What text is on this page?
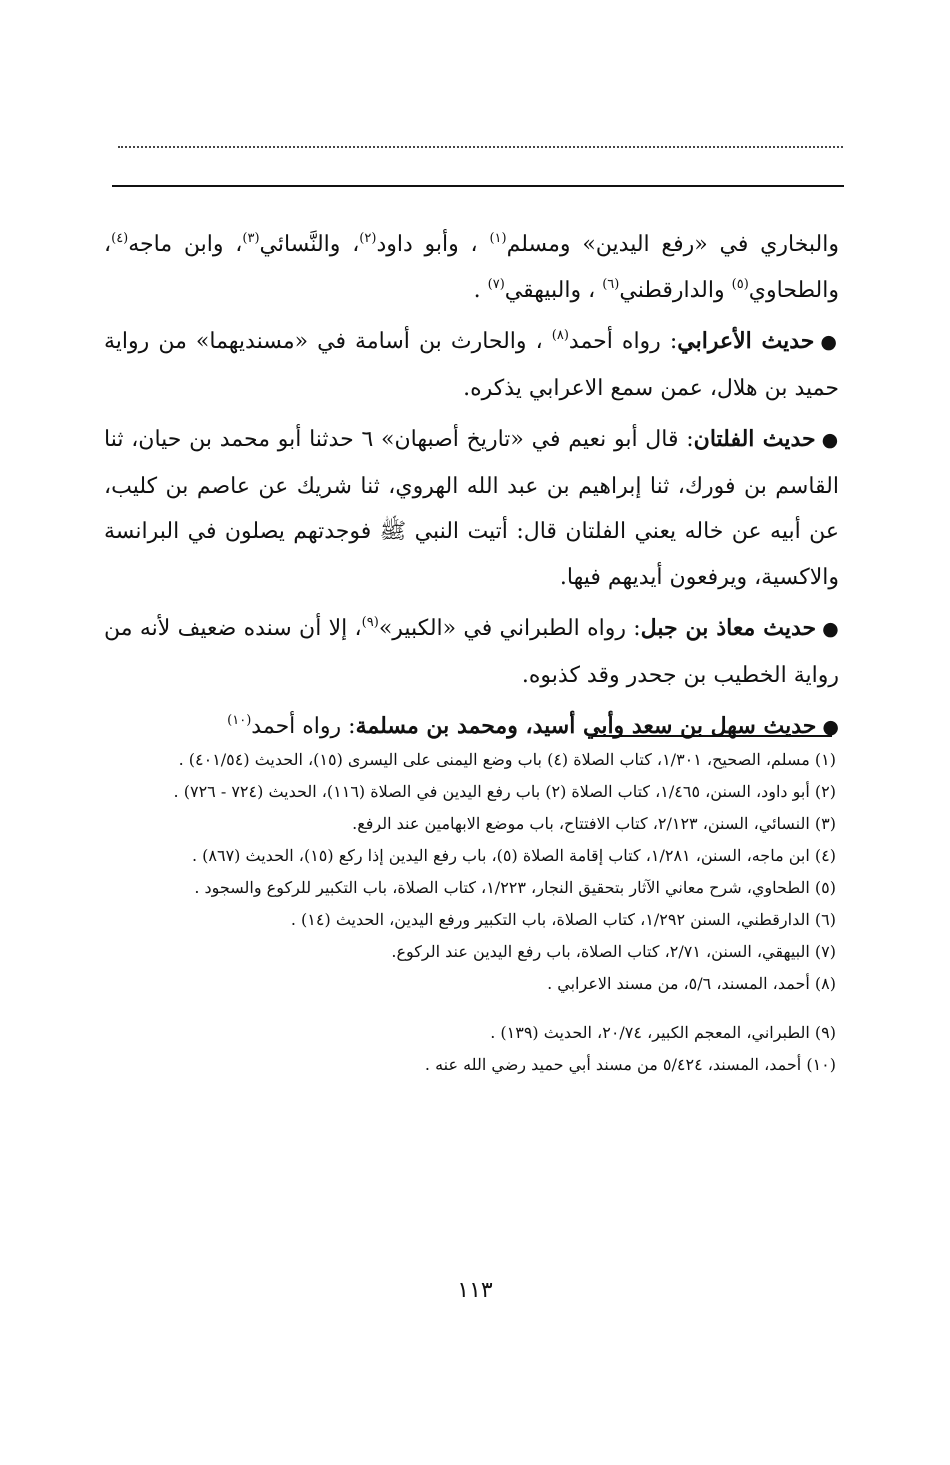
والبخاري في «رفع اليدين» ومسلم$^{(١)}$ ، وأبو داود$^{(٢)}$، والنَّسائي$^{(٣)}$، وابن ماجه$^{(٤)}$، والطحاوي$^{(٥)}$ والدارقطني$^{(٦)}$ ، والبيهقي$^{(٧)}$ .

●حديث الأعرابي: رواه أحمد$^{(٨)}$ ، والحارث بن أسامة في «مسنديهما» من رواية حميد بن هلال، عمن سمع الاعرابي يذكره.

●حديث الفلتان: قال أبو نعيم في «تاريخ أصبهان» ٦ حدثنا أبو محمد بن حيان، ثنا القاسم بن فورك، ثنا إبراهيم بن عبد الله الهروي، ثنا شريك عن عاصم بن كليب، عن أبيه عن خاله يعني الفلتان قال: أتيت النبي ﷺ فوجدتهم يصلون في البرانسة والاكسية، ويرفعون أيديهم فيها.

●حديث معاذ بن جبل: رواه الطبراني في «الكبير»$^{(٩)}$، إلا أن سنده ضعيف لأنه من رواية الخطيب بن جحدر وقد كذبوه.

●حديث سهل بن سعد وأبي أسيد، ومحمد بن مسلمة: رواه أحمد$^{(١٠)}$

(١) مسلم، الصحيح، ١/٣٠١، كتاب الصلاة (٤) باب وضع اليمنى على اليسرى (١٥)، الحديث (٤٠١/٥٤) .

(٢) أبو داود، السنن، ١/٤٦٥، كتاب الصلاة (٢) باب رفع اليدين في الصلاة (١١٦)، الحديث (٧٢٤ - ٧٢٦) .

(٣) النسائي، السنن، ٢/١٢٣، كتاب الافتتاح، باب موضع الابهامين عند الرفع.

(٤) ابن ماجه، السنن، ١/٢٨١، كتاب إقامة الصلاة (٥)، باب رفع اليدين إذا ركع (١٥)، الحديث (٨٦٧) .

(٥) الطحاوي، شرح معاني الآثار بتحقيق النجار، ١/٢٢٣، كتاب الصلاة، باب التكبير للركوع والسجود .

(٦) الدارقطني، السنن ١/٢٩٢، كتاب الصلاة، باب التكبير ورفع اليدين، الحديث (١٤) .

(٧) البيهقي، السنن، ٢/٧١، كتاب الصلاة، باب رفع اليدين عند الركوع.

(٨) أحمد، المسند، ٥/٦، من مسند الاعرابي .

(٩) الطبراني، المعجم الكبير، ٢٠/٧٤، الحديث (١٣٩) .

(١٠) أحمد، المسند، ٥/٤٢٤ من مسند أبي حميد رضي الله عنه .

١١٣
